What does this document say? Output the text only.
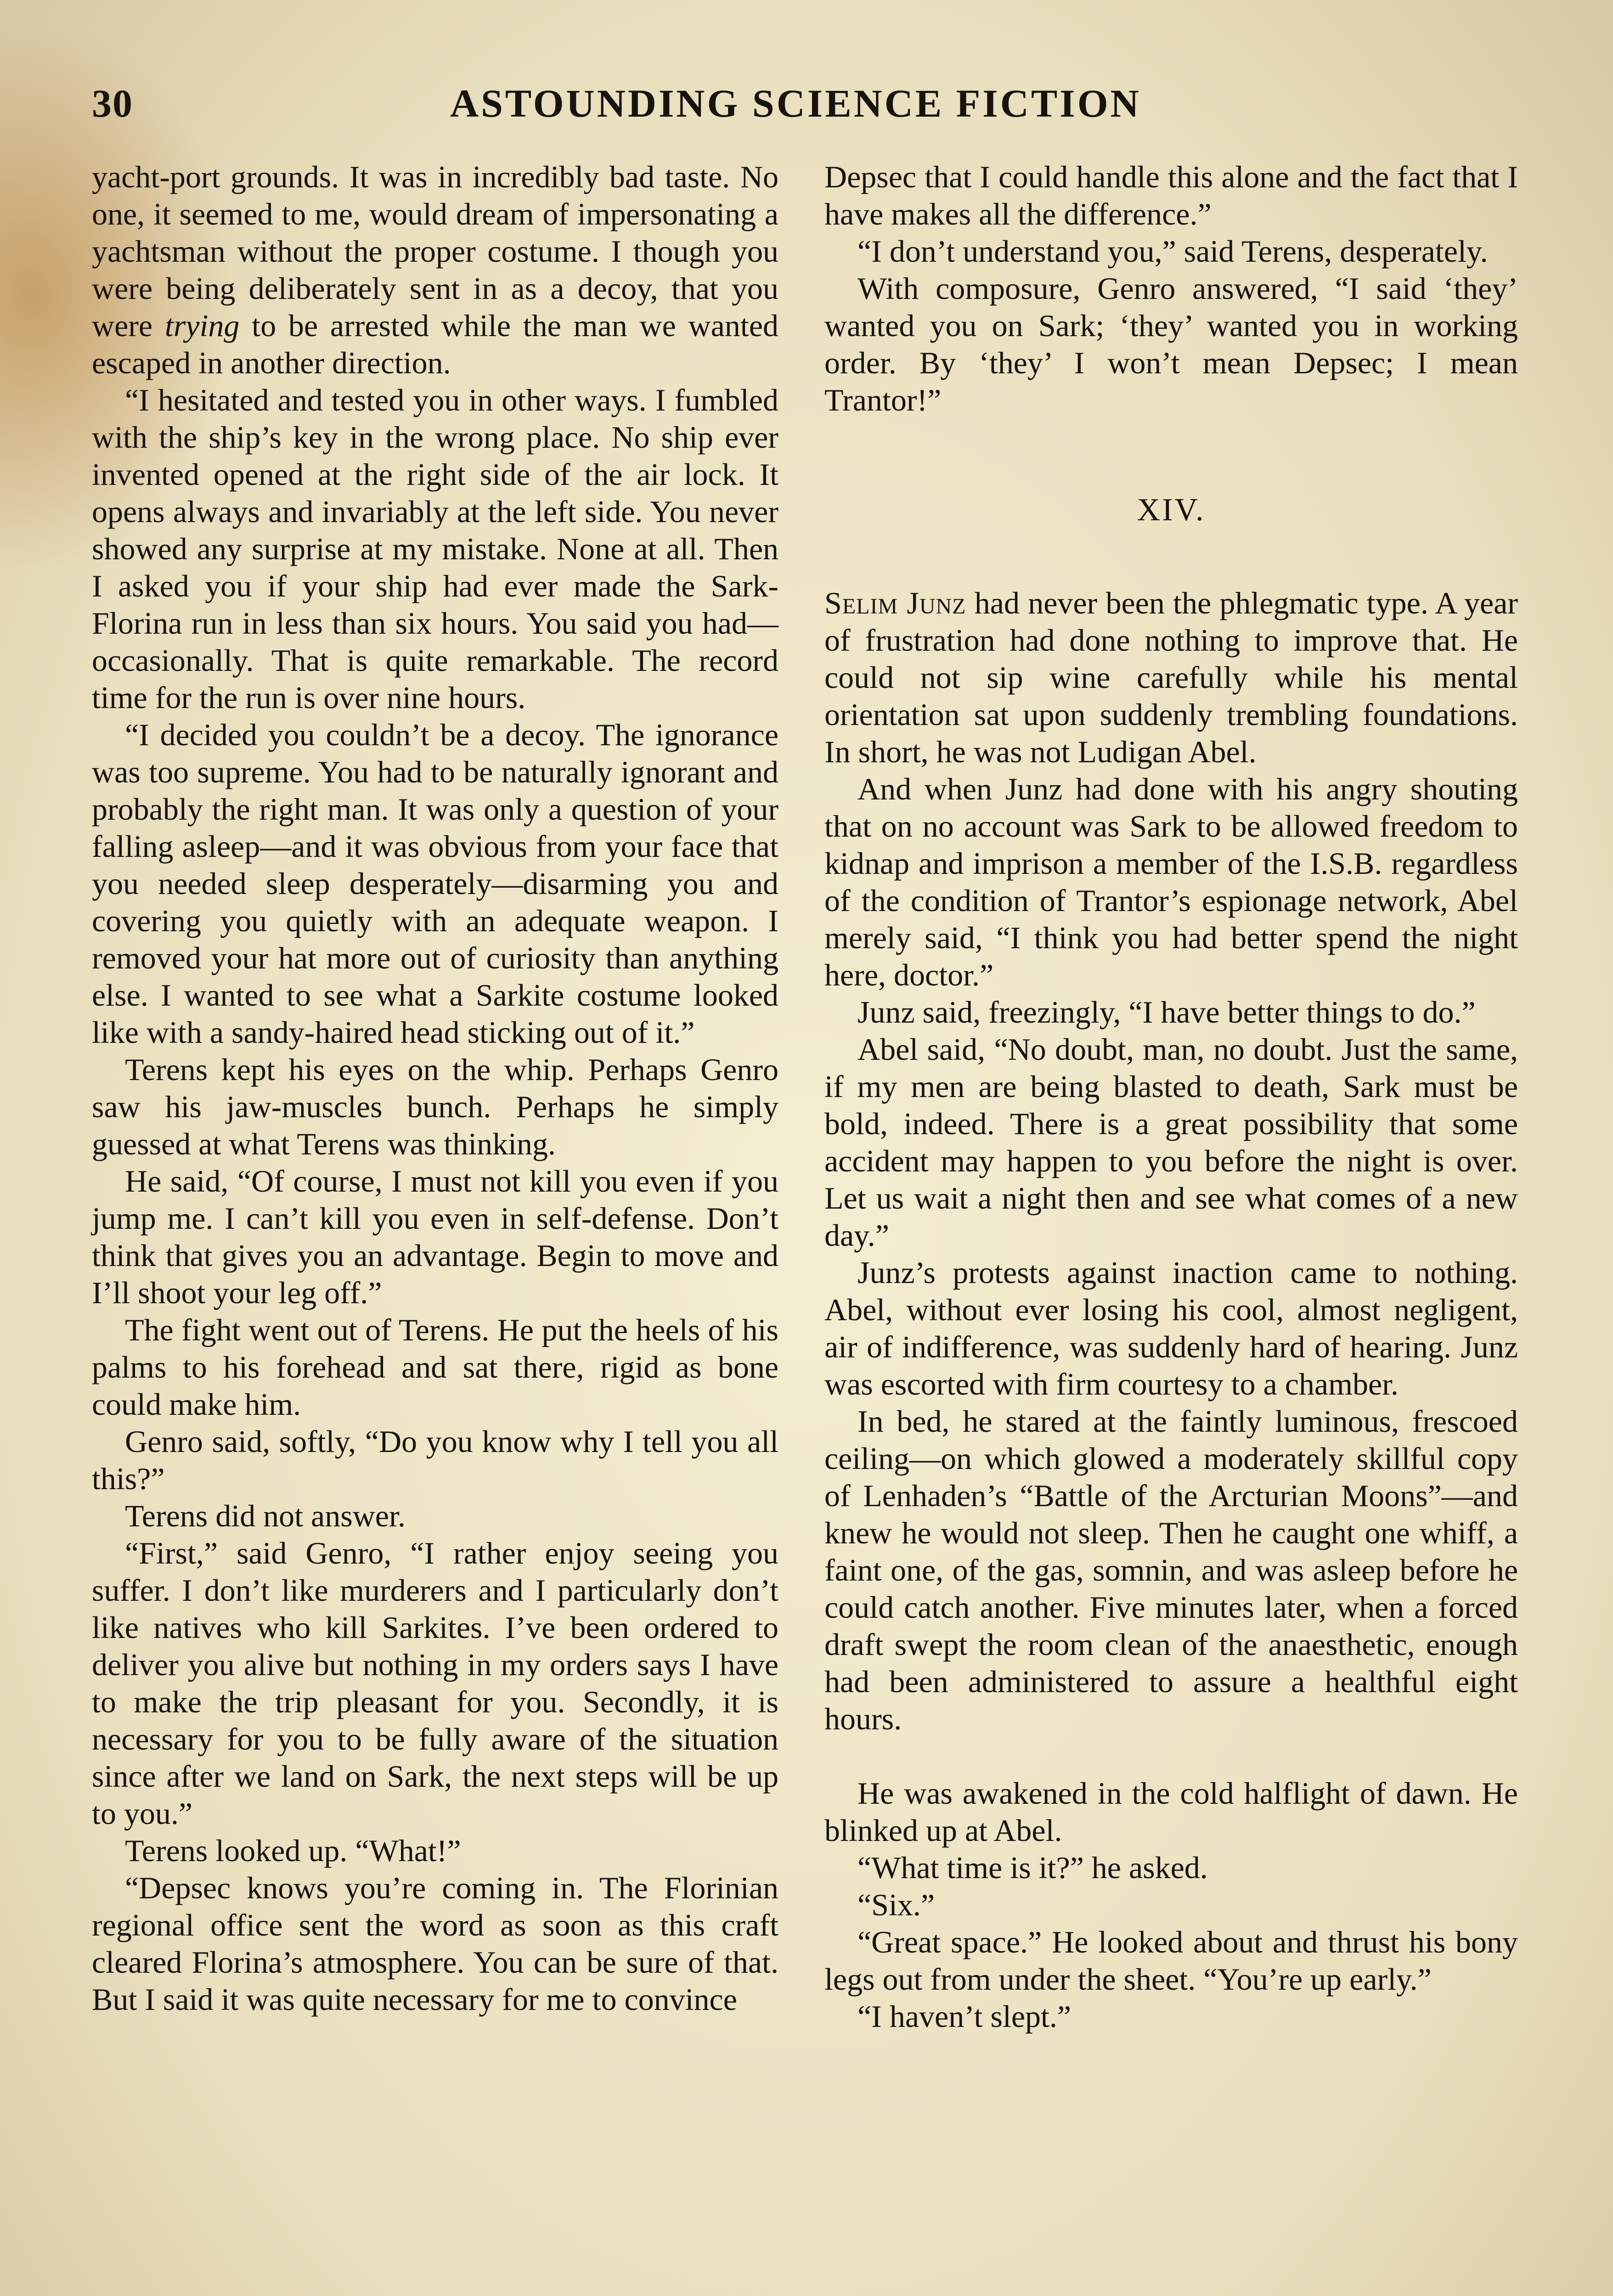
30	ASTOUNDING SCIENCE FICTION

yacht-port grounds. It was in incredibly bad taste. No one, it seemed to me, would dream of impersonating a yachtsman without the proper costume. I though you were being deliberately sent in as a decoy, that you were trying to be arrested while the man we wanted escaped in another direction.

“I hesitated and tested you in other ways. I fumbled with the ship’s key in the wrong place. No ship ever invented opened at the right side of the air lock. It opens always and invariably at the left side. You never showed any surprise at my mistake. None at all. Then I asked you if your ship had ever made the Sark-Florina run in less than six hours. You said you had—occasionally. That is quite remarkable. The record time for the run is over nine hours.

“I decided you couldn’t be a decoy. The ignorance was too supreme. You had to be naturally ignorant and probably the right man. It was only a question of your falling asleep—and it was obvious from your face that you needed sleep desperately—disarming you and covering you quietly with an adequate weapon. I removed your hat more out of curiosity than anything else. I wanted to see what a Sarkite costume looked like with a sandy-haired head sticking out of it.”

Terens kept his eyes on the whip. Perhaps Genro saw his jaw-muscles bunch. Perhaps he simply guessed at what Terens was thinking.

He said, “Of course, I must not kill you even if you jump me. I can’t kill you even in self-defense. Don’t think that gives you an advantage. Begin to move and I’ll shoot your leg off.”

The fight went out of Terens. He put the heels of his palms to his forehead and sat there, rigid as bone could make him.

Genro said, softly, “Do you know why I tell you all this?”

Terens did not answer.

“First,” said Genro, “I rather enjoy seeing you suffer. I don’t like murderers and I particularly don’t like natives who kill Sarkites. I’ve been ordered to deliver you alive but nothing in my orders says I have to make the trip pleasant for you. Secondly, it is necessary for you to be fully aware of the situation since after we land on Sark, the next steps will be up to you.”

Terens looked up. “What!”

“Depsec knows you’re coming in. The Florinian regional office sent the word as soon as this craft cleared Florina’s atmosphere. You can be sure of that. But I said it was quite necessary for me to convince

Depsec that I could handle this alone and the fact that I have makes all the difference.”

“I don’t understand you,” said Terens, desperately.

With composure, Genro answered, “I said ‘they’ wanted you on Sark; ‘they’ wanted you in working order. By ‘they’ I won’t mean Depsec; I mean Trantor!”

XIV.

Selim Junz had never been the phlegmatic type. A year of frustration had done nothing to improve that. He could not sip wine carefully while his mental orientation sat upon suddenly trembling foundations. In short, he was not Ludigan Abel.

And when Junz had done with his angry shouting that on no account was Sark to be allowed freedom to kidnap and imprison a member of the I.S.B. regardless of the condition of Trantor’s espionage network, Abel merely said, “I think you had better spend the night here, doctor.”

Junz said, freezingly, “I have better things to do.”

Abel said, “No doubt, man, no doubt. Just the same, if my men are being blasted to death, Sark must be bold, indeed. There is a great possibility that some accident may happen to you before the night is over. Let us wait a night then and see what comes of a new day.”

Junz’s protests against inaction came to nothing. Abel, without ever losing his cool, almost negligent, air of indifference, was suddenly hard of hearing. Junz was escorted with firm courtesy to a chamber.

In bed, he stared at the faintly luminous, frescoed ceiling—on which glowed a moderately skillful copy of Lenhaden’s “Battle of the Arcturian Moons”—and knew he would not sleep. Then he caught one whiff, a faint one, of the gas, somnin, and was asleep before he could catch another. Five minutes later, when a forced draft swept the room clean of the anaesthetic, enough had been administered to assure a healthful eight hours.

He was awakened in the cold halflight of dawn. He blinked up at Abel.

“What time is it?” he asked.

“Six.”

“Great space.” He looked about and thrust his bony legs out from under the sheet. “You’re up early.”

“I haven’t slept.”
